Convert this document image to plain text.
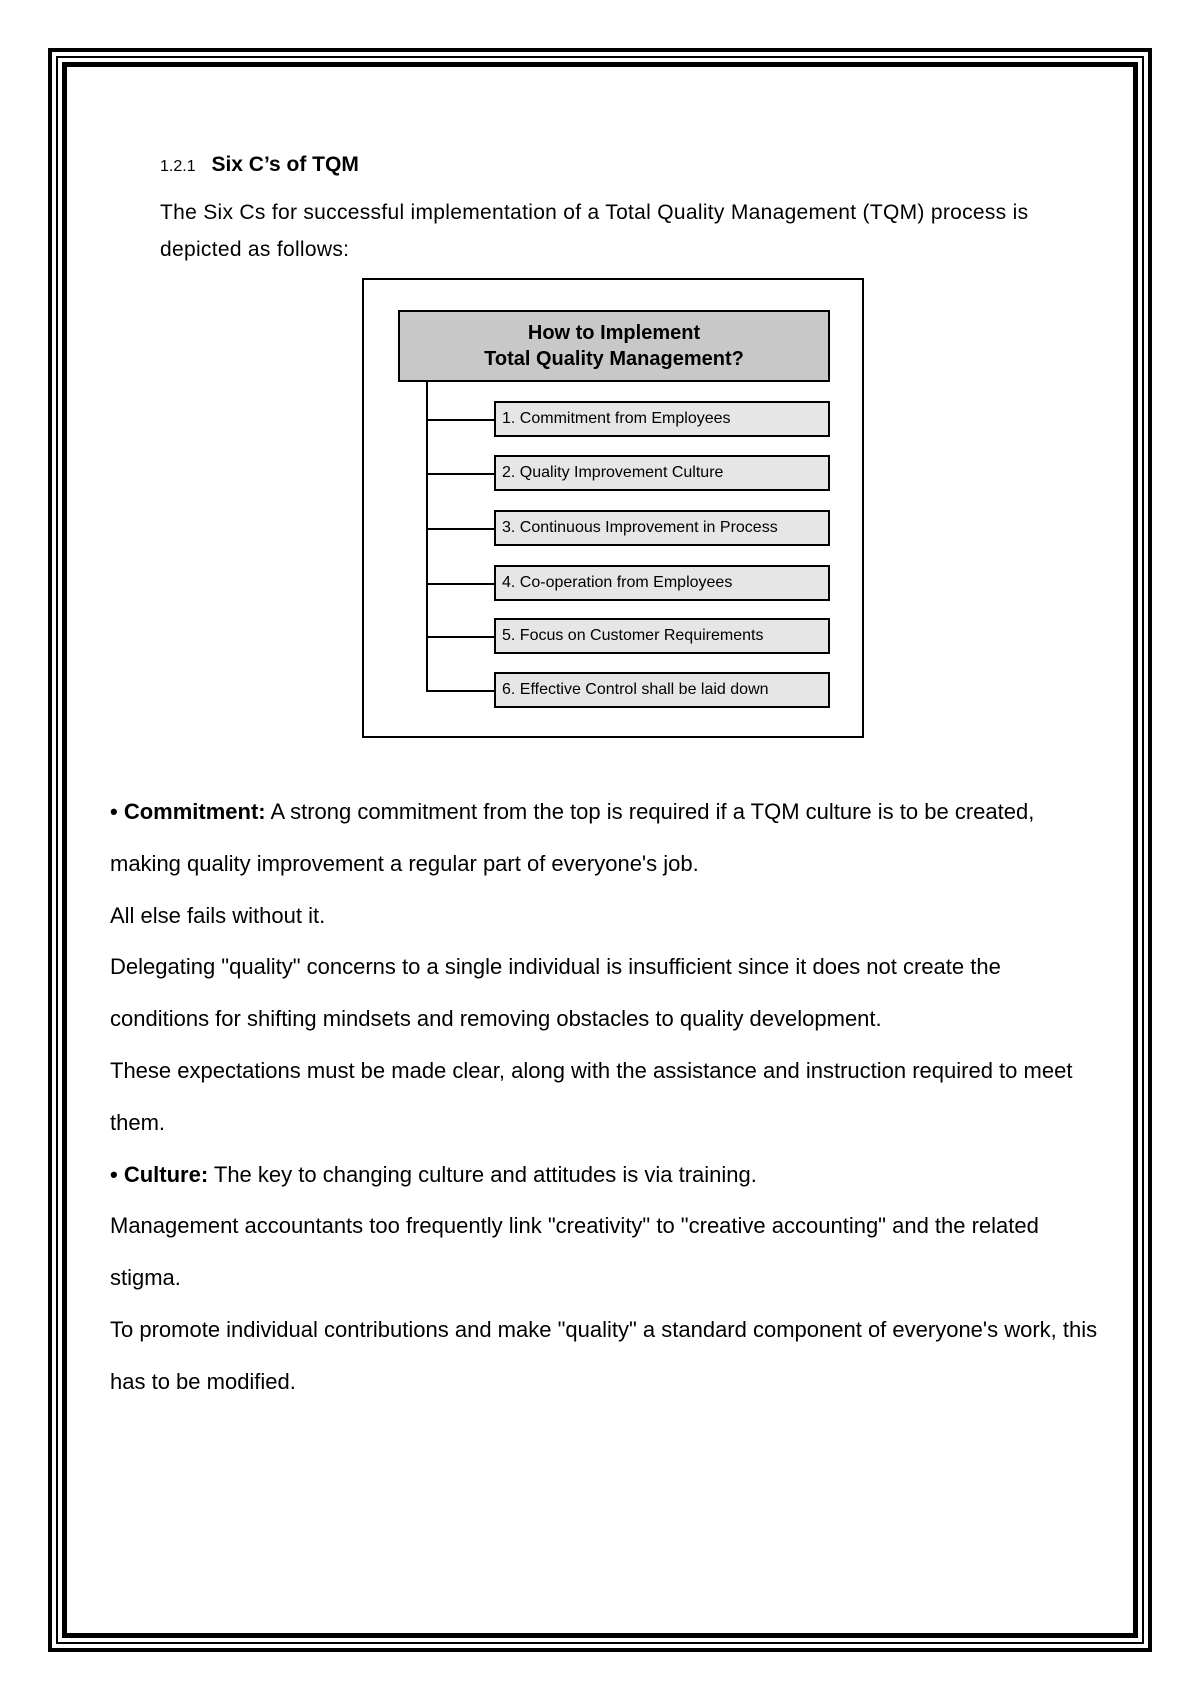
1.2.1 Six C’s of TQM
The Six Cs for successful implementation of a Total Quality Management (TQM) process is depicted as follows:
How to Implement
Total Quality Management?
1. Commitment from Employees
2. Quality Improvement Culture
3. Continuous Improvement in Process
4. Co-operation from Employees
5. Focus on Customer Requirements
6. Effective Control shall be laid down

• Commitment: A strong commitment from the top is required if a TQM culture is to be created, making quality improvement a regular part of everyone's job.

All else fails without it.

Delegating "quality" concerns to a single individual is insufficient since it does not create the conditions for shifting mindsets and removing obstacles to quality development.

These expectations must be made clear, along with the assistance and instruction required to meet them.

• Culture: The key to changing culture and attitudes is via training.

Management accountants too frequently link "creativity" to "creative accounting" and the related stigma.

To promote individual contributions and make "quality" a standard component of everyone's work, this has to be modified.
